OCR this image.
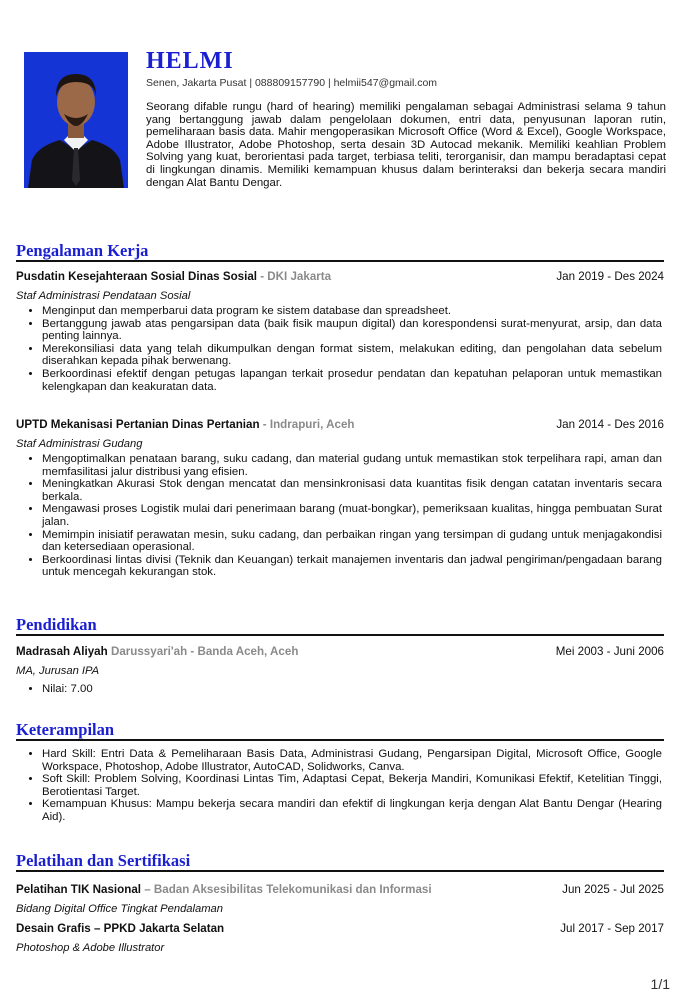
HELMI
Senen, Jakarta Pusat | 088809157790 | helmii547@gmail.com
Seorang difable rungu (hard of hearing) memiliki pengalaman sebagai Administrasi selama 9 tahun yang bertanggung jawab dalam pengelolaan dokumen, entri data, penyusunan laporan rutin, pemeliharaan basis data. Mahir mengoperasikan Microsoft Office (Word & Excel), Google Workspace, Adobe Illustrator, Adobe Photoshop, serta desain 3D Autocad mekanik. Memiliki keahlian Problem Solving yang kuat, berorientasi pada target, terbiasa teliti, terorganisir, dan mampu beradaptasi cepat di lingkungan dinamis. Memiliki kemampuan khusus dalam berinteraksi dan bekerja secara mandiri dengan Alat Bantu Dengar.
Pengalaman Kerja
Pusdatin Kesejahteraan Sosial Dinas Sosial - DKI Jakarta	Jan 2019 - Des 2024
Staf Administrasi Pendataan Sosial
• Menginput dan memperbarui data program ke sistem database dan spreadsheet.
• Bertanggung jawab atas pengarsipan data (baik fisik maupun digital) dan korespondensi surat-menyurat, arsip, dan data penting lainnya.
• Merekonsiliasi data yang telah dikumpulkan dengan format sistem, melakukan editing, dan pengolahan data sebelum diserahkan kepada pihak berwenang.
• Berkoordinasi efektif dengan petugas lapangan terkait prosedur pendatan dan kepatuhan pelaporan untuk memastikan kelengkapan dan keakuratan data.
UPTD Mekanisasi Pertanian Dinas Pertanian - Indrapuri, Aceh	Jan 2014 - Des 2016
Staf Administrasi Gudang
• Mengoptimalkan penataan barang, suku cadang, dan material gudang untuk memastikan stok terpelihara rapi, aman dan memfasilitasi jalur distribusi yang efisien.
• Meningkatkan Akurasi Stok dengan mencatat dan mensinkronisasi data kuantitas fisik dengan catatan inventaris secara berkala.
• Mengawasi proses Logistik mulai dari penerimaan barang (muat-bongkar), pemeriksaan kualitas, hingga pembuatan Surat jalan.
• Memimpin inisiatif perawatan mesin, suku cadang, dan perbaikan ringan yang tersimpan di gudang untuk menjagakondisi dan ketersediaan operasional.
• Berkoordinasi lintas divisi (Teknik dan Keuangan) terkait manajemen inventaris dan jadwal pengiriman/pengadaan barang untuk mencegah kekurangan stok.
Pendidikan
Madrasah Aliyah Darussyari'ah - Banda Aceh, Aceh	Mei 2003 - Juni 2006
MA, Jurusan IPA
• Nilai: 7.00
Keterampilan
• Hard Skill: Entri Data & Pemeliharaan Basis Data, Administrasi Gudang, Pengarsipan Digital, Microsoft Office, Google Workspace, Photoshop, Adobe Illustrator, AutoCAD, Solidworks, Canva.
• Soft Skill: Problem Solving, Koordinasi Lintas Tim, Adaptasi Cepat, Bekerja Mandiri, Komunikasi Efektif, Ketelitian Tinggi, Berotientasi Target.
• Kemampuan Khusus: Mampu bekerja secara mandiri dan efektif di lingkungan kerja dengan Alat Bantu Dengar (Hearing Aid).
Pelatihan dan Sertifikasi
Pelatihan TIK Nasional – Badan Aksesibilitas Telekomunikasi dan Informasi	Jun 2025 - Jul 2025
Bidang Digital Office Tingkat Pendalaman
Desain Grafis – PPKD Jakarta Selatan	Jul 2017 - Sep 2017
Photoshop & Adobe Illustrator
1/1
